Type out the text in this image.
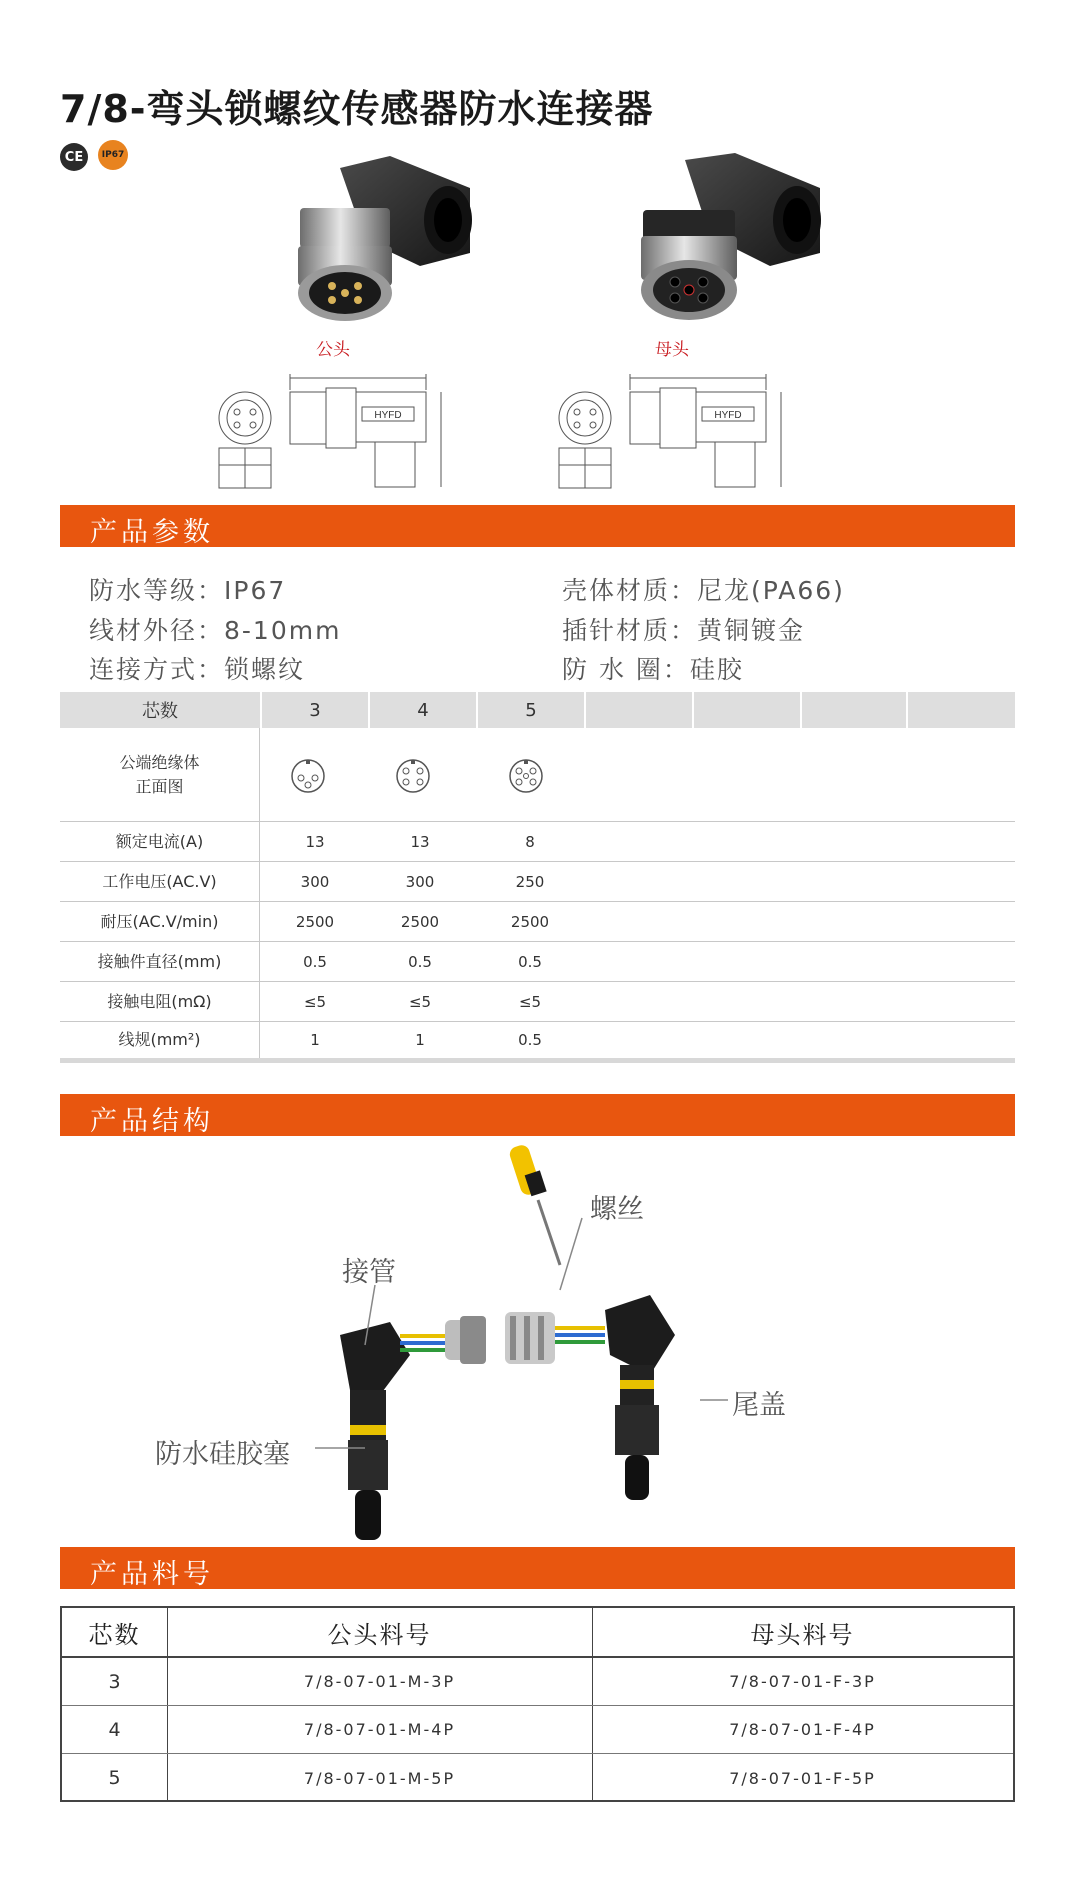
7/8-弯头锁螺纹传感器防水连接器
CE	IP67
公头	母头
HYFD	HYFD
产品参数
防水等级：IP67
线材外径：8-10mm
连接方式：锁螺纹
壳体材质：尼龙(PA66)
插针材质：黄铜镀金
防 水 圈：硅胶
芯数	3	4	5
公端绝缘体
正面图
额定电流(A)	13	13	8
工作电压(AC.V)	300	300	250
耐压(AC.V/min)	2500	2500	2500
接触件直径(mm)	0.5	0.5	0.5
接触电阻(mΩ)	≤5	≤5	≤5
线规(mm²)	1	1	0.5
产品结构
螺丝
接管
尾盖
防水硅胶塞
产品料号
芯数	公头料号	母头料号
3	7/8-07-01-M-3P	7/8-07-01-F-3P
4	7/8-07-01-M-4P	7/8-07-01-F-4P
5	7/8-07-01-M-5P	7/8-07-01-F-5P
